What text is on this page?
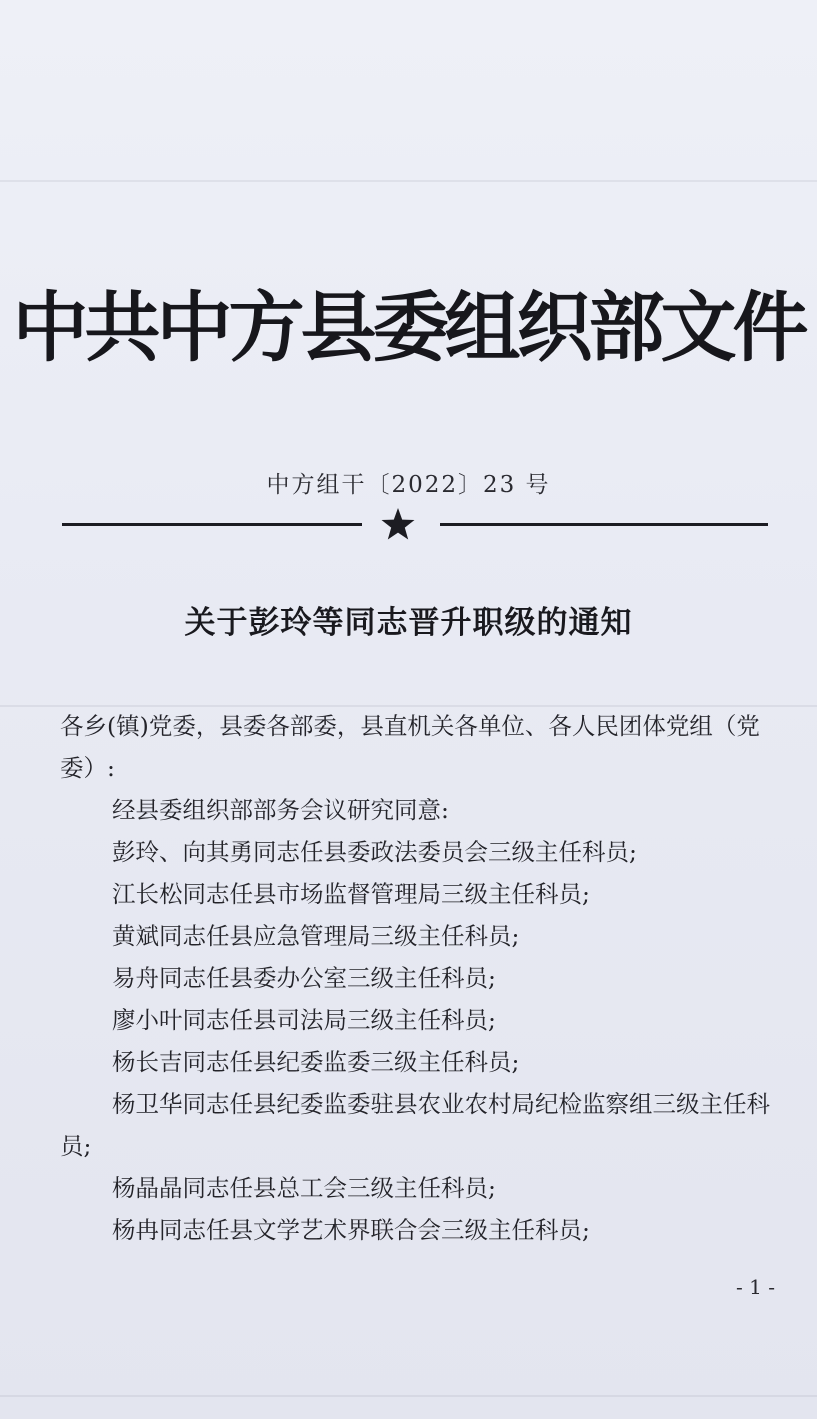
中共中方县委组织部文件
中方组干〔2022〕23 号
关于彭玲等同志晋升职级的通知

各乡(镇)党委，县委各部委，县直机关各单位、各人民团体党组（党委）:

经县委组织部部务会议研究同意:

彭玲、向其勇同志任县委政法委员会三级主任科员;

江长松同志任县市场监督管理局三级主任科员;

黄斌同志任县应急管理局三级主任科员;

易舟同志任县委办公室三级主任科员;

廖小叶同志任县司法局三级主任科员;

杨长吉同志任县纪委监委三级主任科员;

杨卫华同志任县纪委监委驻县农业农村局纪检监察组三级主任科员;

杨晶晶同志任县总工会三级主任科员;

杨冉同志任县文学艺术界联合会三级主任科员;

- 1 -
